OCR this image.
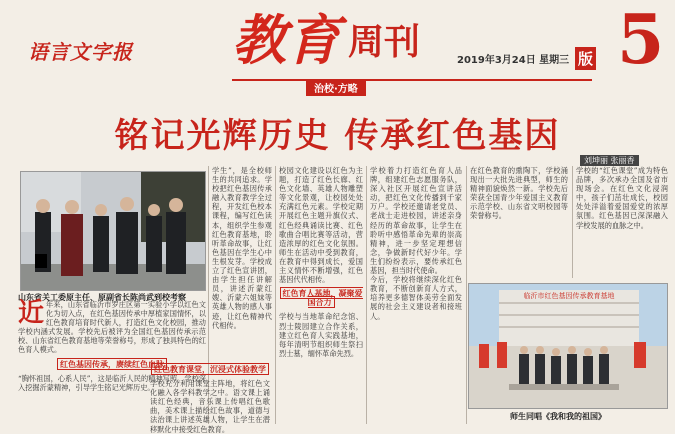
语言文字报 教育 周刊
治校·方略
2019年3月24日 星期三 版 5
铭记光辉历史 传承红色基因
刘坤丽 张丽香
山东省关工委原主任、原副省长陈尚武到校考察	临沂市红色基因传承教育基地
师生同唱《我和我的祖国》
近 年来，山东省临沂市罗庄区第一实验小学以红色文化为切入点，在红色基因传承中厚植家国情怀，以红色教育培育时代新人，打造红色文化校园，推动学校内涵式发展。学校先后被评为全国红色基因传承示范校、山东省红色教育基地等荣誉称号，形成了独具特色的红色育人模式。
红色基因传承，赓续红色血脉
“胸怀祖国，心系人民”，这是临沂人民的精神写照。学校深入挖掘沂蒙精神，引导学生铭记光辉历史。
学生”，是全校师生的共同追求。学校把红色基因传承融入教育教学全过程，开发红色校本课程，编写红色读本，组织学生参观红色教育基地，聆听革命故事，让红色基因在学生心中生根发芽。学校成立了红色宣讲团，由学生担任讲解员，讲述沂蒙红嫂、沂蒙六姐妹等英雄人物的感人事迹，让红色精神代代相传。
红色教育课堂，沉浸式体验教学
学校充分利用课堂主阵地，将红色文化融入各学科教学之中。语文课上诵读红色经典，音乐课上传唱红色歌曲，美术课上描绘红色故事，道德与法治课上讲述英雄人物，让学生在潜移默化中接受红色教育。
校园文化建设以红色为主题，打造了红色长廊、红色文化墙、英雄人物雕塑等文化景观，让校园处处充满红色元素。学校定期开展红色主题升旗仪式、红色经典诵读比赛、红色歌曲合唱比赛等活动，营造浓厚的红色文化氛围。师生在活动中受到教育，在教育中得到成长，爱国主义情怀不断增强，红色基因代代相传。
红色育人基地，凝聚爱国合力
学校与当地革命纪念馆、烈士陵园建立合作关系，建立红色育人实践基地，每年清明节组织师生祭扫烈士墓，缅怀革命先烈。
学校着力打造红色育人品牌，组建红色志愿服务队，深入社区开展红色宣讲活动，把红色文化传播到千家万户。学校还邀请老党员、老战士走进校园，讲述亲身经历的革命故事，让学生在聆听中感悟革命先辈的崇高精神，进一步坚定理想信念，争做新时代好少年。学生们纷纷表示，要传承红色基因，担当时代使命。
今后，学校将继续深化红色教育，不断创新育人方式，培养更多德智体美劳全面发展的社会主义建设者和接班人。
在红色教育的熏陶下，学校涌现出一大批先进典型，师生的精神面貌焕然一新。学校先后荣获全国青少年爱国主义教育示范学校、山东省文明校园等荣誉称号。
学校的“红色课堂”成为特色品牌，多次承办全国及省市现场会。在红色文化浸润中，孩子们茁壮成长，校园处处洋溢着爱国爱党的浓厚氛围。红色基因已深深融入学校发展的血脉之中。
